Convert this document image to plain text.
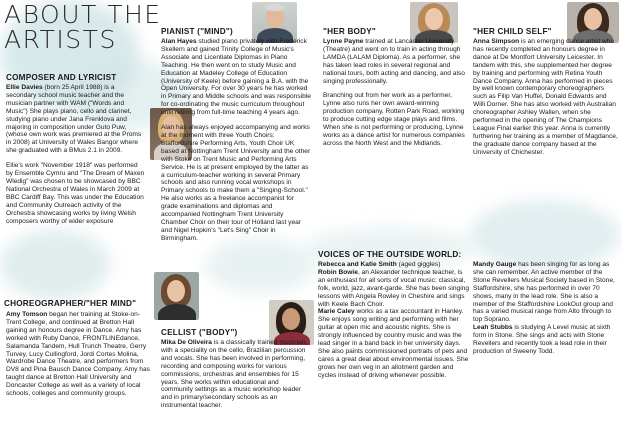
ABOUT THE
ARTISTS
COMPOSER AND LYRICIST

Ellie Davies (born 25 April 1988) is a secondary school music teacher and the musician partner with WAM ("Words and Music") She plays piano, cello and clarinet, studying piano under Jana Frenklova and majoring in composition under Guto Puw, (whose own work was premiered at the Proms in 2008) at University of Wales Bangor where she graduated with a BMus 2.1 in 2009.

Ellie's work "November 1918" was performed by Ensemble Cymru and "The Dream of Maxen Wledig" was chosen to be showcased by BBC National Orchestra of Wales in March 2009 at BBC Cardiff Bay. This was under the Education and Community Outreach activity of the Orchestra showcasing works by living Welsh composers worthy of wider exposure

CHOREOGRAPHER/"HER MIND"

Amy Tomson began her training at Stoke-on-Trent College, and continued at Bretton Hall gaining an honours degree in Dance. Amy has worked with Ruby Dance, FRONTLINEdance, Salamanda Tandem, Hull Trunch Theatre, Gerry Turvey, Lucy Cullingford, Jordi Cortes Molina, Wardrobe Dance Theatre, and performers from DV8 and Pina Bausch Dance Company. Amy has taught dance at Bretton Hall University and Doncaster College as well as a variety of local schools, colleges and community groups.

PIANIST ("MIND")

Alan Hayes studied piano privately with Frederick Skellern and gained Trinity College of Music's Associate and Licentiate Diplomas in Piano Teaching. He then went on to study Music and Education at Madeley College of Education (University of Keele) before gaining a B.A. with the Open University. For over 30 years he has worked in Primary and Middle schools and was responsible for co-ordinating the music curriculum throughout until retiring from full-time teaching 4 years ago.

Alan has always enjoyed accompanying and works at the moment with three Youth Choirs: Staffordshire Performing Arts, Youth Choir UK based at Nottingham Trent University and the other with Stoke on Trent Music and Performing Arts Service. He is at present employed by the latter as a curriculum-teacher working in several Primary schools and also running vocal workshops in Primary schools to make them a "Singing-School." He also works as a freelance accompanist for grade examinations and diplomas and accompanied Nottingham Trent University Chamber Choir on their tour of Holland last year and Nigel Hopkin's "Let's Sing" Choir in Birmingham.

CELLIST ("BODY")

Mika De Oliveira is a classically trained musician, with a speciality on the cello, Brazilian percussion and vocals. She has been involved in performing, recording and composing works for various commissions, orchestras and ensembles for 15 years. She works within educational and community settings as a music workshop leader and in primary/secondary schools as an instrumental teacher.

"HER BODY"

Lynne Payne trained at Lancaster University (Theatre) and went on to train in acting through LAMDA (LALAM Diploma). As a performer, she has taken lead roles in several regional and national tours, both acting and dancing, and also singing professionally.

Branching out from her work as a performer, Lynne also runs her own award-winning production company, Rotten Park Road, working to produce cutting edge stage plays and films. When she is not performing or producing, Lynne works as a dance artist for numerous companies across the North West and the Midlands.

VOICES OF THE OUTSIDE WORLD:

Rebecca and Katie Smith (aged giggles)

Robin Bowie, an Alexander technique teacher, is an enthusiast for all sorts of vocal music: classical, folk, world, jazz, avant-garde. She has been singing lessons with Angela Rowley in Cheshire and sings with Keele Bach Choir.

Marie Caley works as a tax accountant in Hanley. She enjoys song writing and performing with her guitar at open mic and acoustic nights. She is strongly influenced by country music and was the lead singer in a band back in her university days. She also paints commissioned portraits of pets and cares a great deal about environmental issues. She grows her own veg in an allotment garden and cycles instead of driving whenever possible.

"HER CHILD SELF"

Anna Simpson is an emerging dance artist who has recently completed an honours degree in dance at De Montfort University Leicester. In tandem with this, she supplemented her degree by training and performing with Retina Youth Dance Company. Anna has performed in pieces by well known contemporary choreographers such as Filip Van Huffel, Donald Edwards and Willi Dorner. She has also worked with Australian choreographer Ashley Wallen, when she performed in the opening of The Champions League Final earlier this year. Anna is currently furthering her training as a member of Magdance, the graduate dance company based at the University of Chichester.

Mandy Gauge has been singing for as long as she can remember. An active member of the Stone Revellers Musical Society based in Stone, Staffordshire, she has performed in over 70 shows, many in the lead role. She is also a member of the Staffordshire LookOut group and has a varied musical range from Alto through to top Soprano.

Leah Stubbs is studying A Level music at sixth form in Stone. She sings and acts with Stone Revellers and recently took a lead role in their production of Sweeny Todd.
